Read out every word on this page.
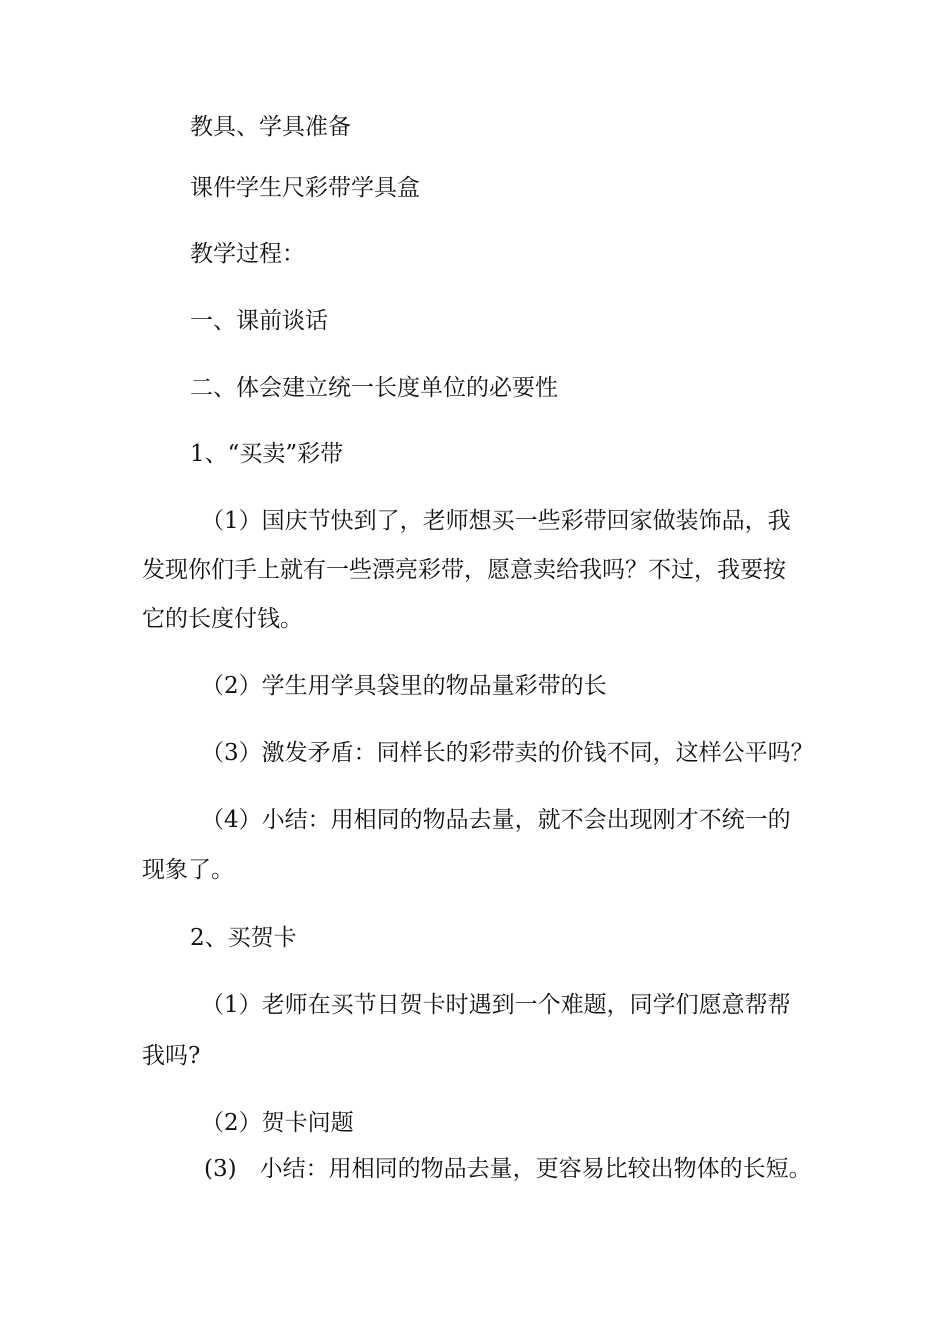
教具、学具准备
课件学生尺彩带学具盒
教学过程：
一、课前谈话
二、体会建立统一长度单位的必要性
1、“买卖”彩带
（1）国庆节快到了，老师想买一些彩带回家做装饰品，我
发现你们手上就有一些漂亮彩带，愿意卖给我吗？不过，我要按
它的长度付钱。
（2）学生用学具袋里的物品量彩带的长
（3）激发矛盾：同样长的彩带卖的价钱不同，这样公平吗？
（4）小结：用相同的物品去量，就不会出现刚才不统一的
现象了。
2、买贺卡
（1）老师在买节日贺卡时遇到一个难题，同学们愿意帮帮
我吗?
（2）贺卡问题
(3)　小结：用相同的物品去量，更容易比较出物体的长短。
